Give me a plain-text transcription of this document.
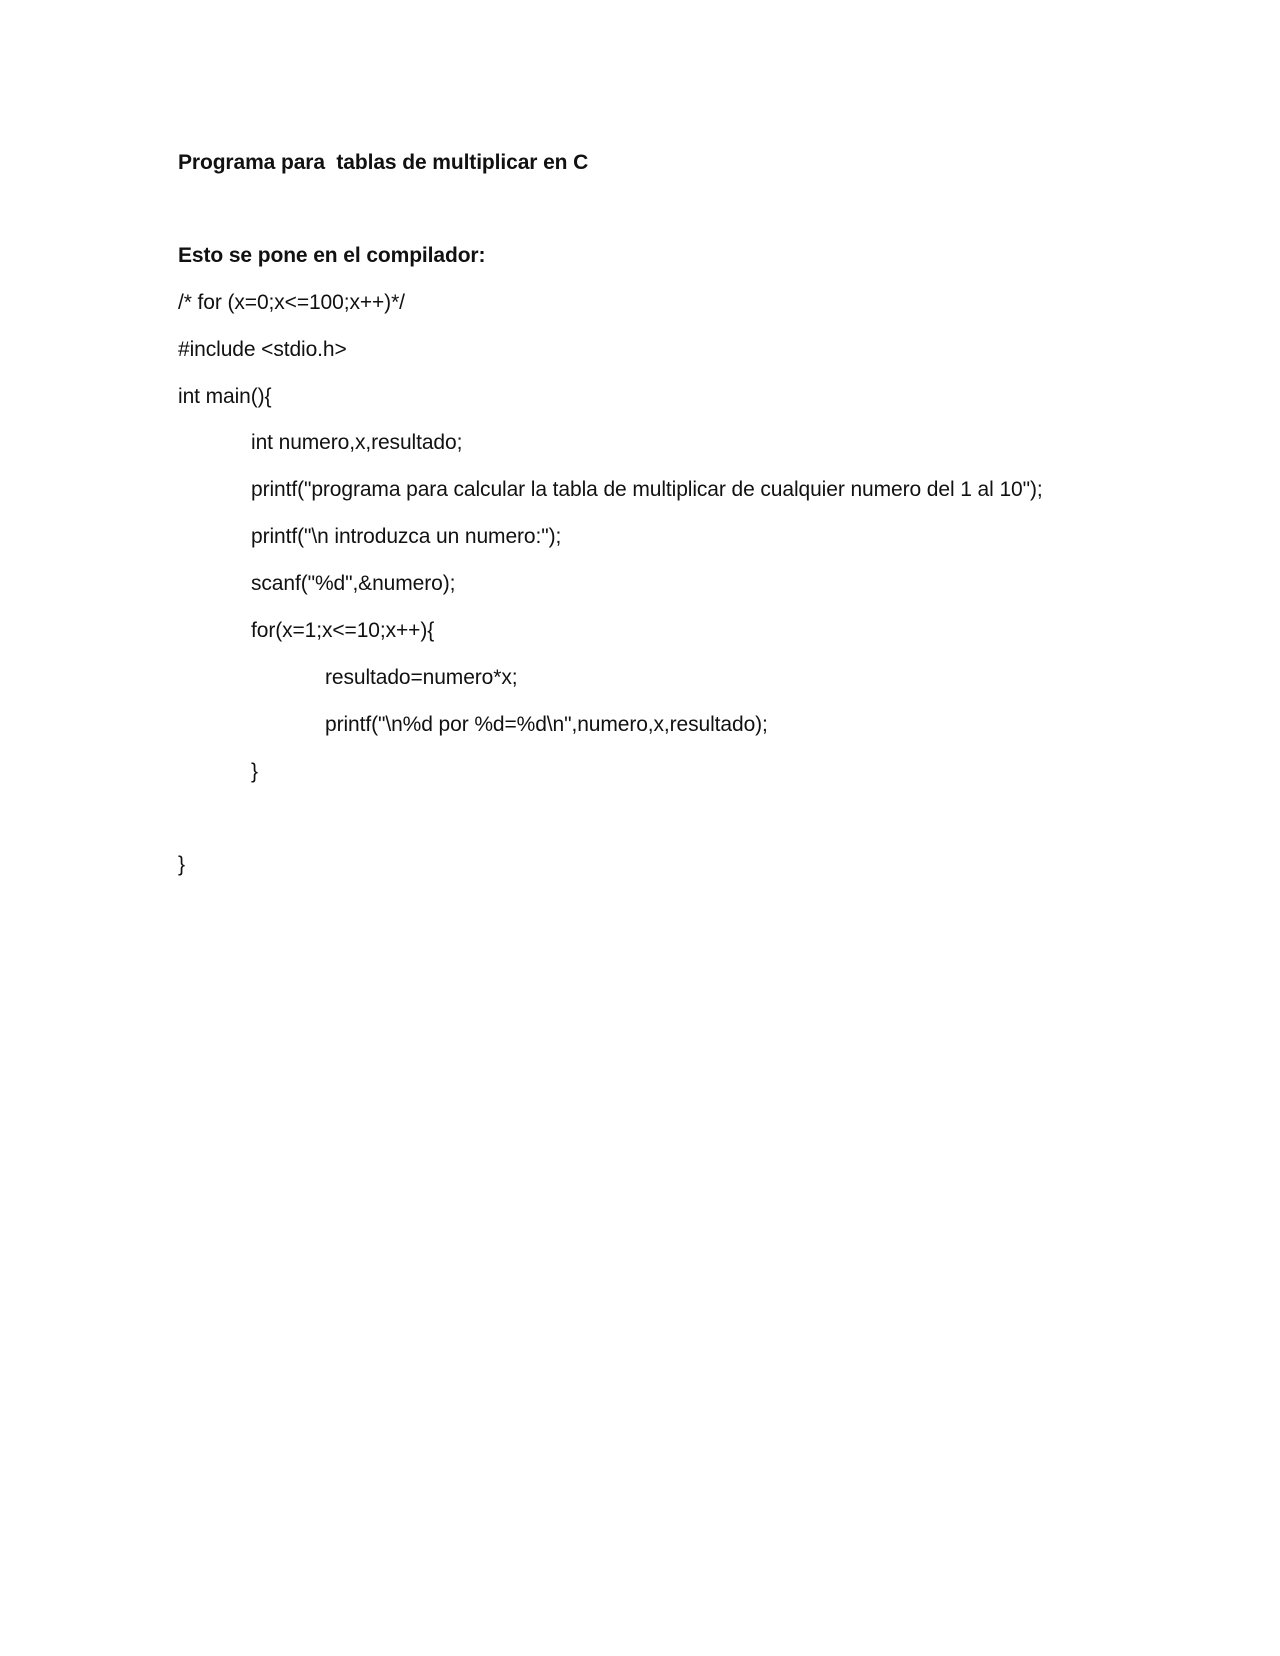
Programa para  tablas de multiplicar en C
Esto se pone en el compilador:
/* for (x=0;x<=100;x++)*/
#include <stdio.h>
int main(){
int numero,x,resultado;
printf("programa para calcular la tabla de multiplicar de cualquier numero del 1 al 10");
printf("\n introduzca un numero:");
scanf("%d",&numero);
for(x=1;x<=10;x++){
resultado=numero*x;
printf("\n%d por %d=%d\n",numero,x,resultado);
}
}
